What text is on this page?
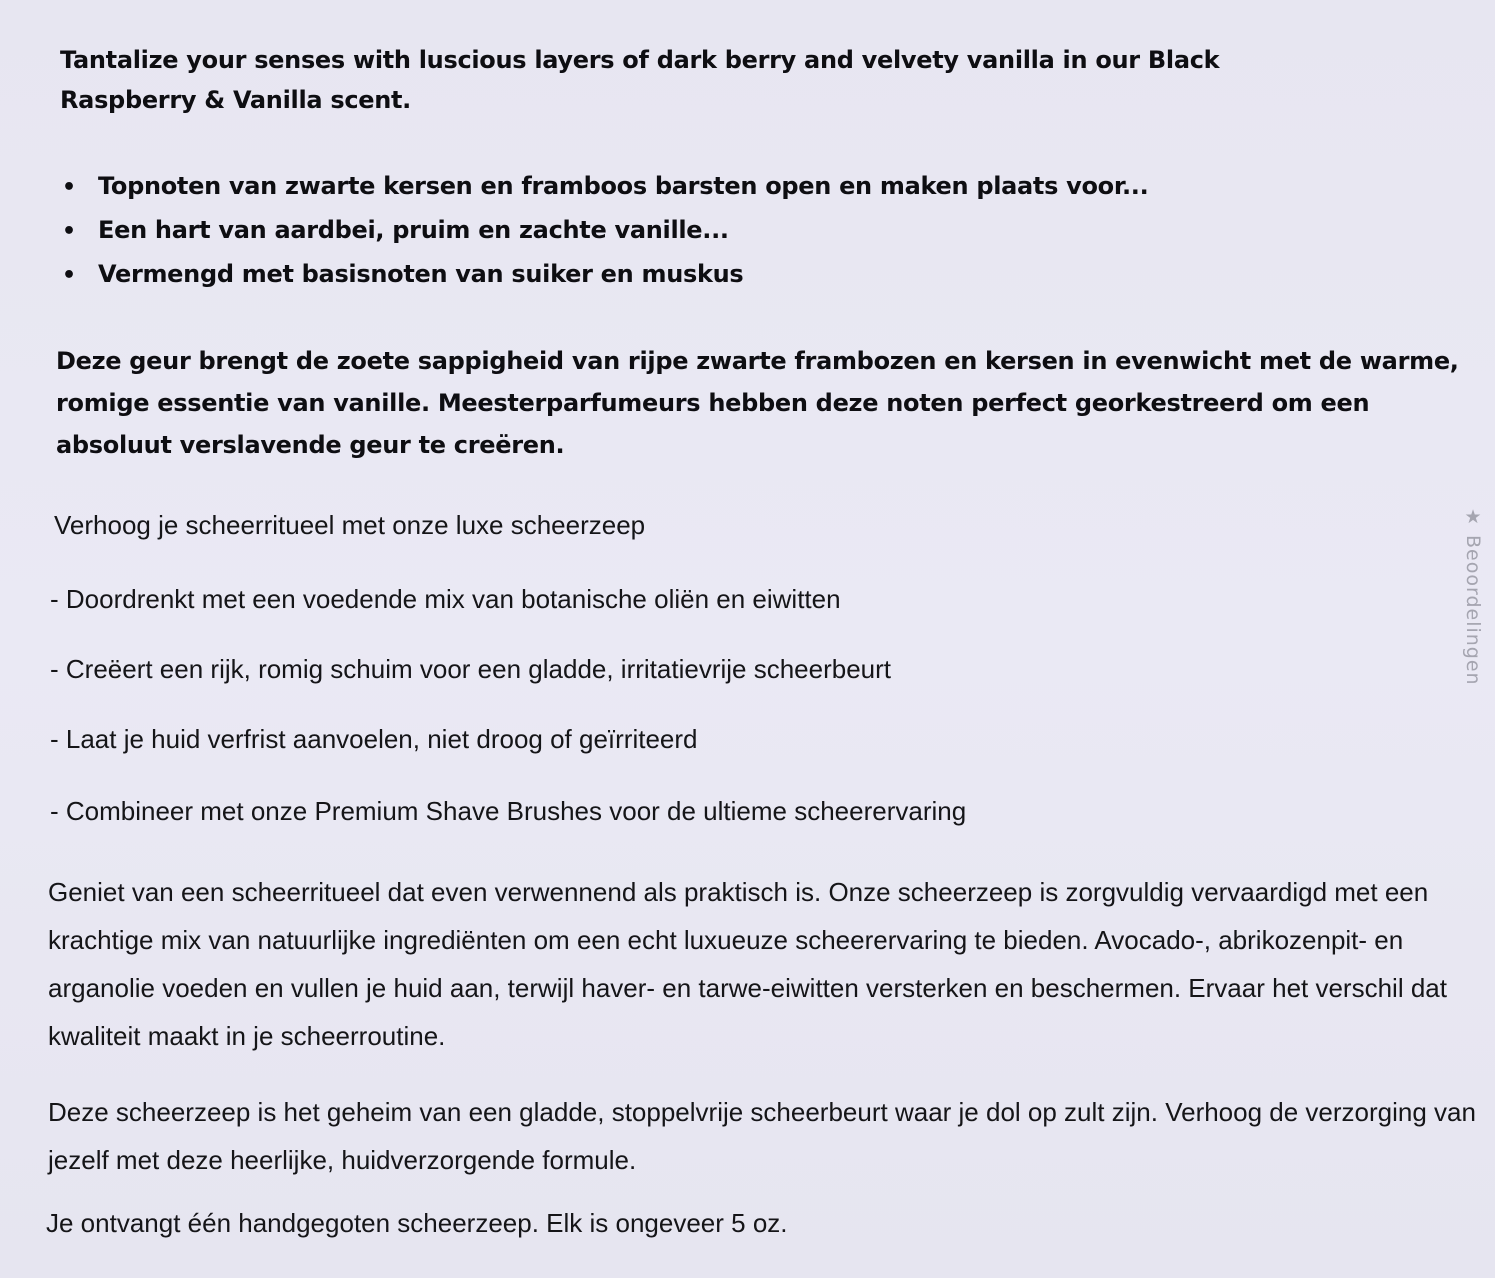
Tantalize your senses with luscious layers of dark berry and velvety vanilla in our Black Raspberry & Vanilla scent.

• Topnoten van zwarte kersen en framboos barsten open en maken plaats voor...
• Een hart van aardbei, pruim en zachte vanille...
• Vermengd met basisnoten van suiker en muskus

Deze geur brengt de zoete sappigheid van rijpe zwarte frambozen en kersen in evenwicht met de warme, romige essentie van vanille. Meesterparfumeurs hebben deze noten perfect georkestreerd om een absoluut verslavende geur te creëren.

Verhoog je scheerritueel met onze luxe scheerzeep

- Doordrenkt met een voedende mix van botanische oliën en eiwitten

- Creëert een rijk, romig schuim voor een gladde, irritatievrije scheerbeurt

- Laat je huid verfrist aanvoelen, niet droog of geïrriteerd

- Combineer met onze Premium Shave Brushes voor de ultieme scheerervaring

Geniet van een scheerritueel dat even verwennend als praktisch is. Onze scheerzeep is zorgvuldig vervaardigd met een krachtige mix van natuurlijke ingrediënten om een echt luxueuze scheerervaring te bieden. Avocado-, abrikozenpit- en arganolie voeden en vullen je huid aan, terwijl haver- en tarwe-eiwitten versterken en beschermen. Ervaar het verschil dat kwaliteit maakt in je scheerroutine.

Deze scheerzeep is het geheim van een gladde, stoppelvrije scheerbeurt waar je dol op zult zijn. Verhoog de verzorging van jezelf met deze heerlijke, huidverzorgende formule.

Je ontvangt één handgegoten scheerzeep. Elk is ongeveer 5 oz.

★Beoordelingen
